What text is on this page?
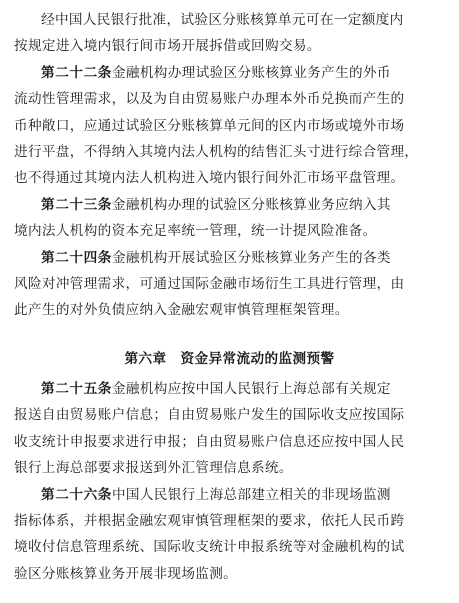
经中国人民银行批准，试验区分账核算单元可在一定额度内
按规定进入境内银行间市场开展拆借或回购交易。

第二十二条金融机构办理试验区分账核算业务产生的外币
流动性管理需求，以及为自由贸易账户办理本外币兑换而产生的
币种敞口，应通过试验区分账核算单元间的区内市场或境外市场
进行平盘，不得纳入其境内法人机构的结售汇头寸进行综合管理，
也不得通过其境内法人机构进入境内银行间外汇市场平盘管理。

第二十三条金融机构办理的试验区分账核算业务应纳入其
境内法人机构的资本充足率统一管理，统一计提风险准备。

第二十四条金融机构开展试验区分账核算业务产生的各类
风险对冲管理需求，可通过国际金融市场衍生工具进行管理，由
此产生的对外负债应纳入金融宏观审慎管理框架管理。

第六章 资金异常流动的监测预警

第二十五条金融机构应按中国人民银行上海总部有关规定
报送自由贸易账户信息；自由贸易账户发生的国际收支应按国际
收支统计申报要求进行申报；自由贸易账户信息还应按中国人民
银行上海总部要求报送到外汇管理信息系统。

第二十六条中国人民银行上海总部建立相关的非现场监测
指标体系，并根据金融宏观审慎管理框架的要求，依托人民币跨
境收付信息管理系统、国际收支统计申报系统等对金融机构的试
验区分账核算业务开展非现场监测。
